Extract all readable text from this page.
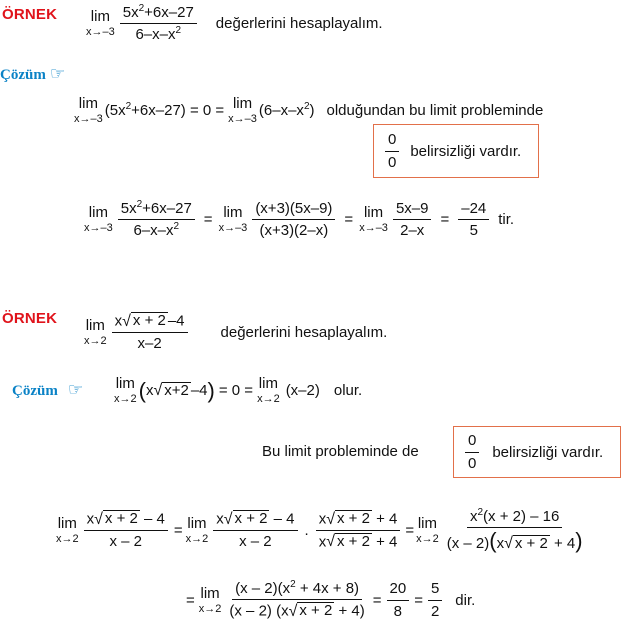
ÖRNEK lim
$x\to-3 \frac{5x^2+6x-27}{6-x-x^2}$ değerlerini hesaplayalım.
Çözüm ☞
lim
x→–3 $(5x^2+6x-27) = 0 = \lim$
x→–3 $(6-x-x^2)$ olduğundan bu limit probleminde
$\frac{0}{0}$ belirsizliği vardır.
lim
$x\to-3 \frac{5x^2+6x-27}{6-x-x^2} = \lim$
$x\to-3 \frac{(x+3)(5x-9)}{(x+3)(2-x)} = \lim$
$x\to-3 \frac{5x-9}{2-x} = \frac{-24}{5}$ tir.
ÖRNEK lim
$x\to 2 \frac{x √ x + 2 -4}{x-2}$ değerlerini hesaplayalım.
Çözüm ☞ lim
x→2 ( x √ x+2 –4 ) = 0 = lim
x→2 (x–2) olur.
Bu limit probleminde de	$\frac{0}{0}$ belirsizliği vardır.
lim
$x\to 2 \frac{x √ x + 2 - 4}{x - 2} = \lim$
$x\to 2 \frac{x √ x + 2 - 4}{x - 2}$ . $\frac{x √ x + 2 + 4}{x √ x + 2 + 4} = \lim$
$x\to 2 \frac{x^2(x + 2) - 16}{(x - 2)(x √ x + 2 + 4)}$
= lim
$x\to 2 \frac{(x - 2)(x^2 + 4x + 8)}{(x - 2) (x √ x + 2 + 4)} = \frac{20}{8} = \frac{5}{2}$ dir.
